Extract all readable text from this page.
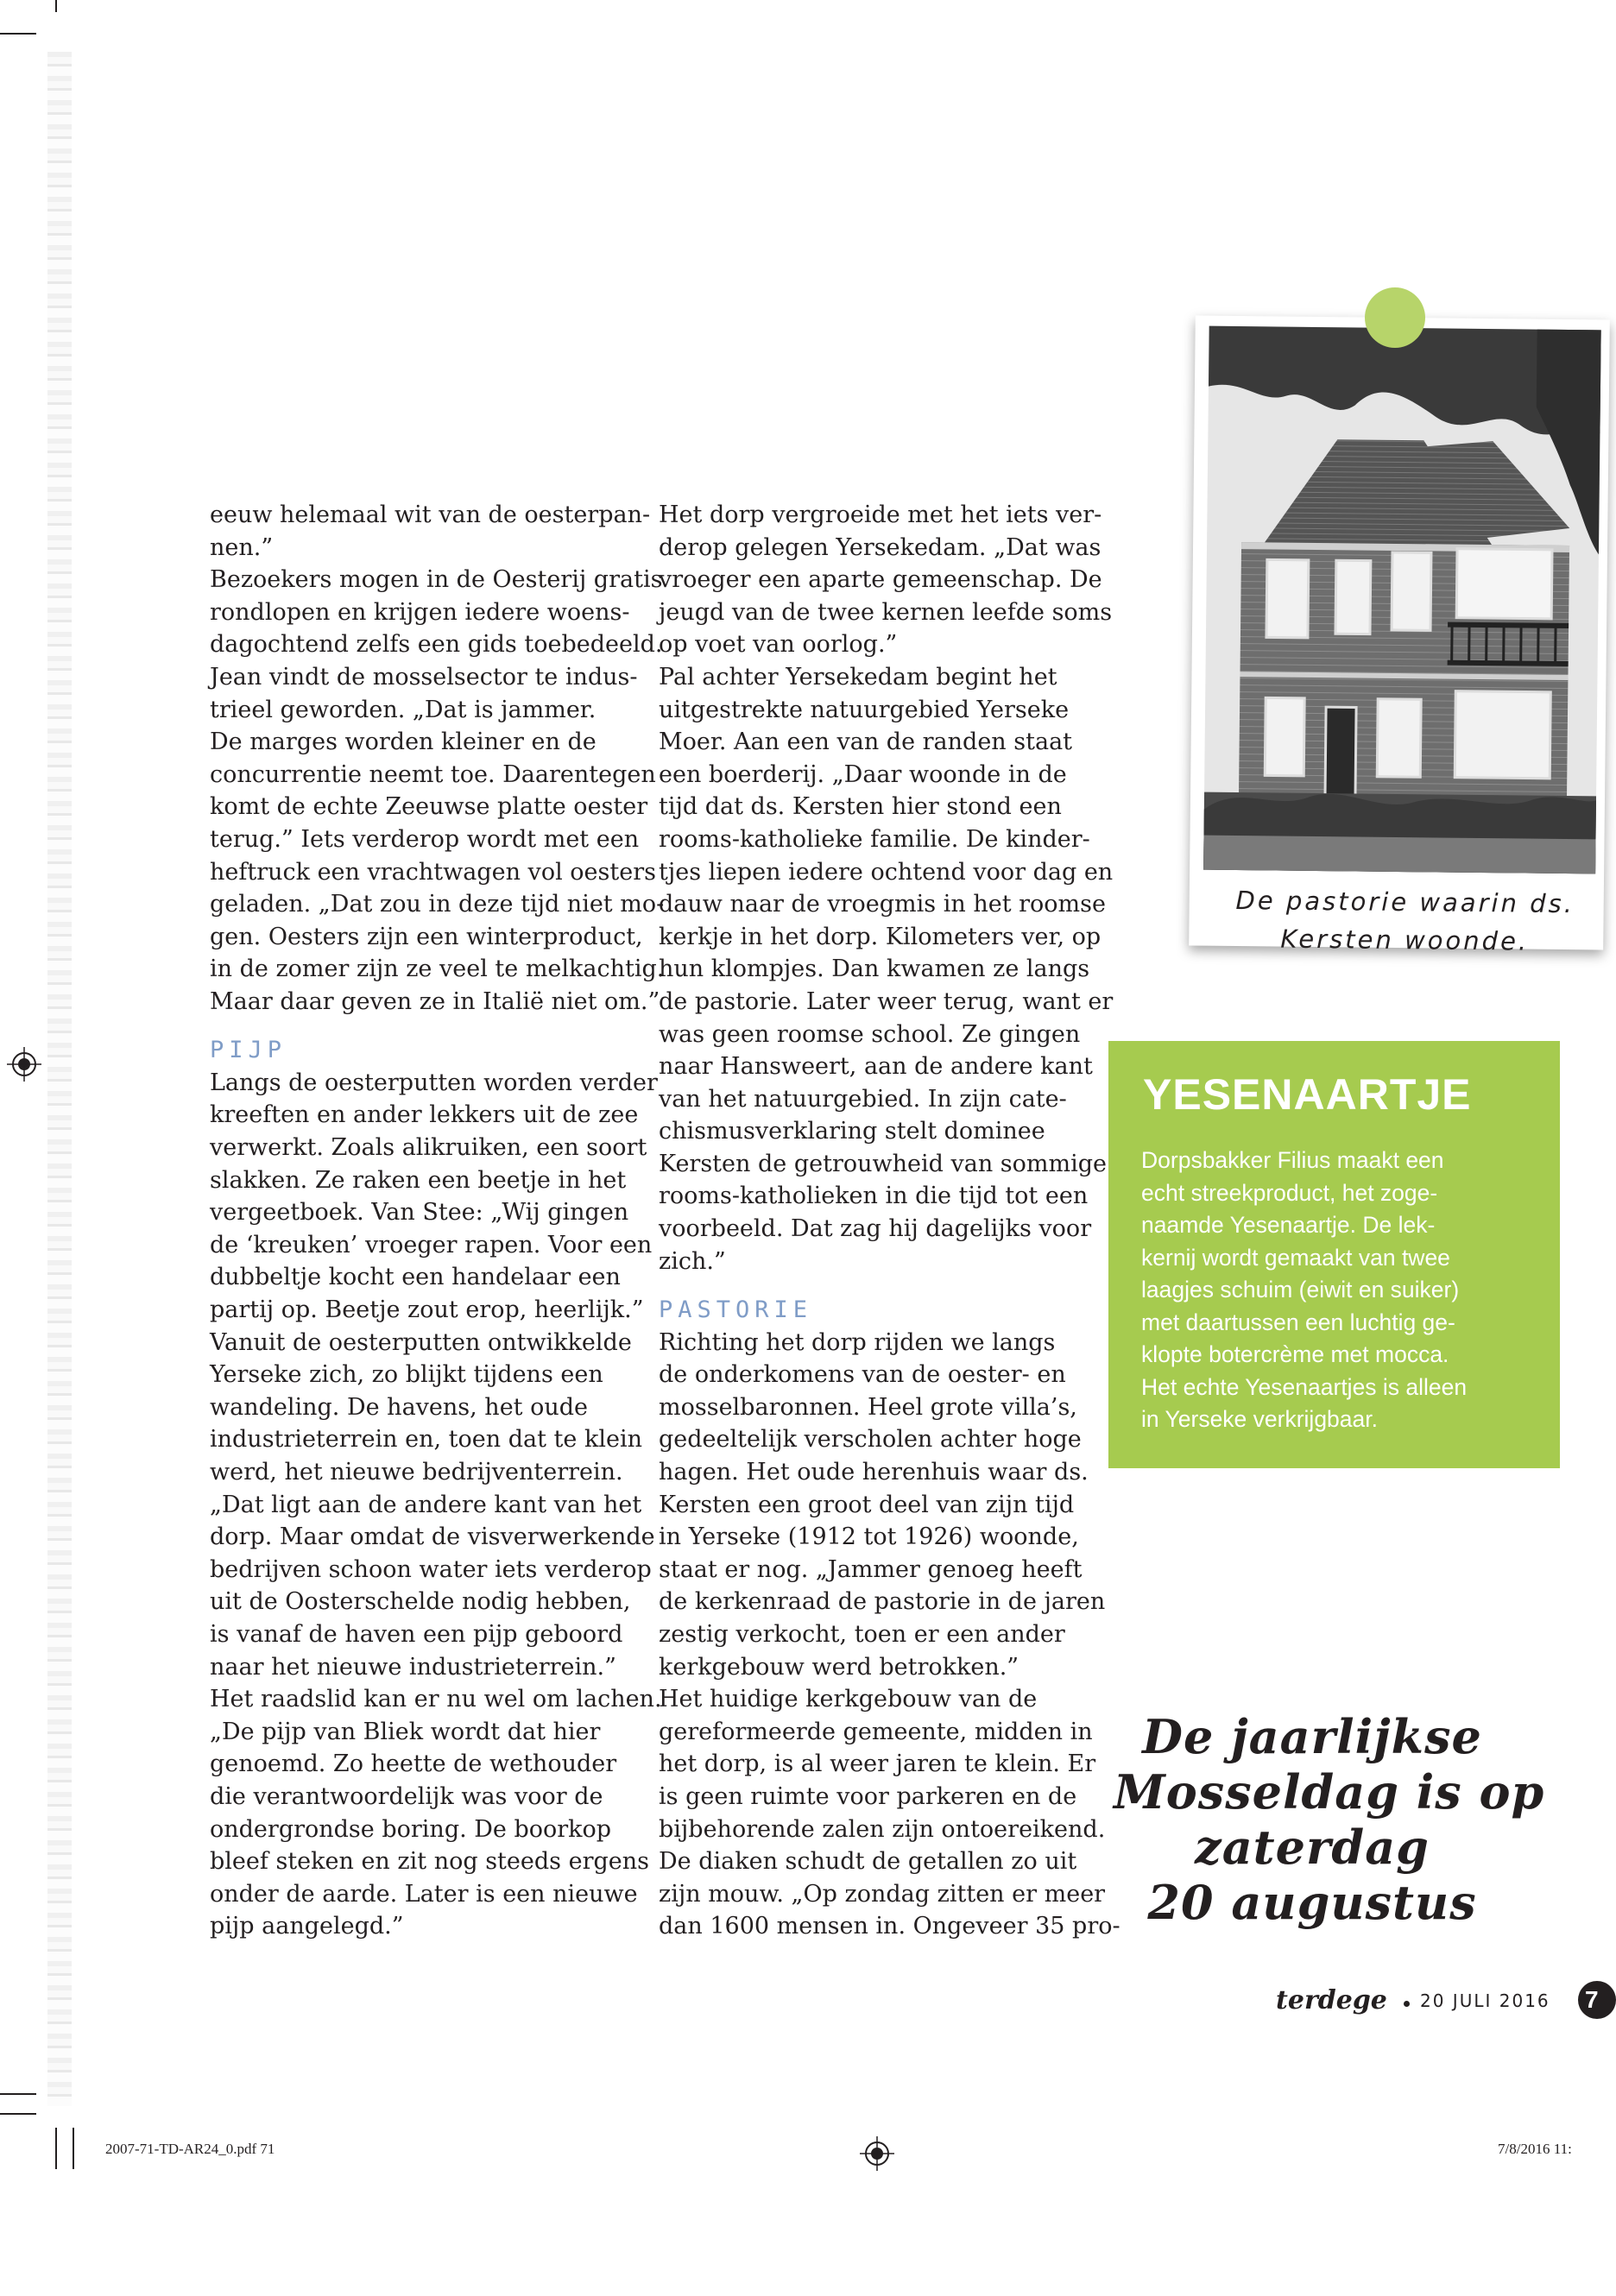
eeuw helemaal wit van de oesterpan-

nen.”

Bezoekers mogen in de Oesterij gratis

rondlopen en krijgen iedere woens-

dagochtend zelfs een gids toebedeeld.

Jean vindt de mosselsector te indus-

trieel geworden. „Dat is jammer.

De marges worden kleiner en de

concurrentie neemt toe. Daarentegen

komt de echte Zeeuwse platte oester

terug.” Iets verderop wordt met een

heftruck een vrachtwagen vol oesters

geladen. „Dat zou in deze tijd niet mo-

gen. Oesters zijn een winterproduct,

in de zomer zijn ze veel te melkachtig.

Maar daar geven ze in Italië niet om.”

PIJP

Langs de oesterputten worden verder

kreeften en ander lekkers uit de zee

verwerkt. Zoals alikruiken, een soort

slakken. Ze raken een beetje in het

vergeetboek. Van Stee: „Wij gingen

de ‘kreuken’ vroeger rapen. Voor een

dubbeltje kocht een handelaar een

partij op. Beetje zout erop, heerlijk.”

Vanuit de oesterputten ontwikkelde

Yerseke zich, zo blijkt tijdens een

wandeling. De havens, het oude

industrieterrein en, toen dat te klein

werd, het nieuwe bedrijventerrein.

„Dat ligt aan de andere kant van het

dorp. Maar omdat de visverwerkende

bedrijven schoon water iets verderop

uit de Oosterschelde nodig hebben,

is vanaf de haven een pijp geboord

naar het nieuwe industrieterrein.”

Het raadslid kan er nu wel om lachen.

„De pijp van Bliek wordt dat hier

genoemd. Zo heette de wethouder

die verantwoordelijk was voor de

ondergrondse boring. De boorkop

bleef steken en zit nog steeds ergens

onder de aarde. Later is een nieuwe

pijp aangelegd.”

Het dorp vergroeide met het iets ver-

derop gelegen Yersekedam. „Dat was

vroeger een aparte gemeenschap. De

jeugd van de twee kernen leefde soms

op voet van oorlog.”

Pal achter Yersekedam begint het

uitgestrekte natuurgebied Yerseke

Moer. Aan een van de randen staat

een boerderij. „Daar woonde in de

tijd dat ds. Kersten hier stond een

rooms-katholieke familie. De kinder-

tjes liepen iedere ochtend voor dag en

dauw naar de vroegmis in het roomse

kerkje in het dorp. Kilometers ver, op

hun klompjes. Dan kwamen ze langs

de pastorie. Later weer terug, want er

was geen roomse school. Ze gingen

naar Hansweert, aan de andere kant

van het natuurgebied. In zijn cate-

chismusverklaring stelt dominee

Kersten de getrouwheid van sommige

rooms-katholieken in die tijd tot een

voorbeeld. Dat zag hij dagelijks voor

zich.”

PASTORIE

Richting het dorp rijden we langs

de onderkomens van de oester- en

mosselbaronnen. Heel grote villa’s,

gedeeltelijk verscholen achter hoge

hagen. Het oude herenhuis waar ds.

Kersten een groot deel van zijn tijd

in Yerseke (1912 tot 1926) woonde,

staat er nog. „Jammer genoeg heeft

de kerkenraad de pastorie in de jaren

zestig verkocht, toen er een ander

kerkgebouw werd betrokken.”

Het huidige kerkgebouw van de

gereformeerde gemeente, midden in

het dorp, is al weer jaren te klein. Er

is geen ruimte voor parkeren en de

bijbehorende zalen zijn ontoereikend.

De diaken schudt de getallen zo uit

zijn mouw. „Op zondag zitten er meer

dan 1600 mensen in. Ongeveer 35 pro-

De pastorie waarin ds.
Kersten woonde.
YESENAARTJE

Dorpsbakker Filius maakt een

echt streekproduct, het zoge-

naamde Yesenaartje. De lek-

kernij wordt gemaakt van twee

laagjes schuim (eiwit en suiker)

met daartussen een luchtig ge-

klopte botercrème met mocca.

Het echte Yesenaartjes is alleen

in Yerseke verkrijgbaar.

De jaarlijkse

Mosseldag is op

zaterdag

20 augustus

terdege 20 JULI 2016 7
2007-71-TD-AR24_0.pdf 71	7/8/2016 11:
